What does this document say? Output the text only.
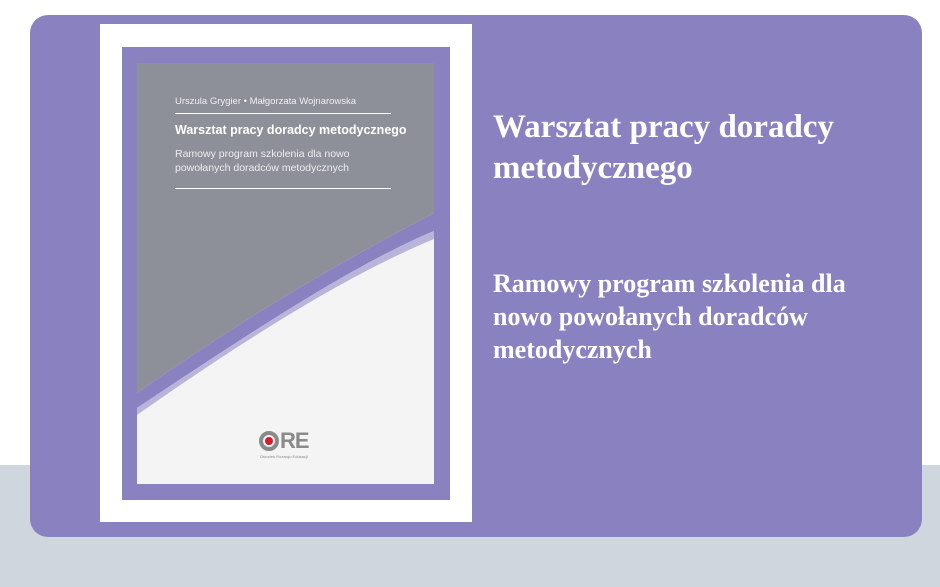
Urszula Grygier • Małgorzata Wojnarowska
Warsztat pracy doradcy metodycznego
Ramowy program szkolenia dla nowo powołanych doradców metodycznych
RE
Ośrodek Rozwoju Edukacji
Warsztat pracy doradcy metodycznego
Ramowy program szkolenia dla nowo powołanych doradców metodycznych
